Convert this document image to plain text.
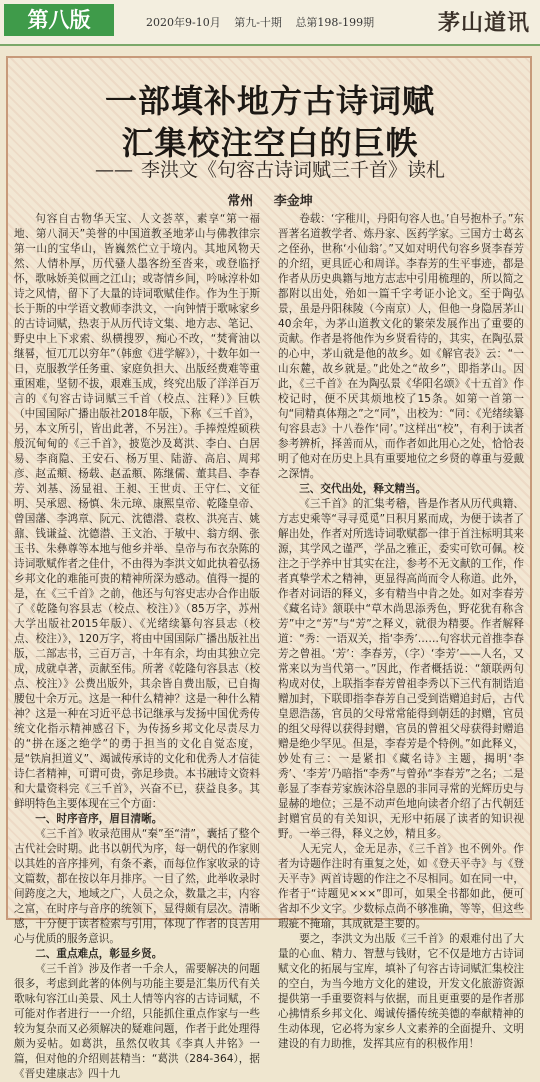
第八版	2020年9-10月 第九-十期 总第198-199期	茅山道讯
一部填补地方古诗词赋
汇集校注空白的巨帙
—— 李洪文《句容古诗词赋三千首》读札
常州 李金坤

句容自古物华天宝、人文荟萃，素享“第一福地、第八洞天”美誉的中国道教圣地茅山与佛教律宗第一山的宝华山，皆巍然伫立于境内。其地风物天然、人情朴厚，历代骚人墨客纷至沓来，或登临抒怀，歌咏娇美似画之江山；或寄情乡间，吟咏淳朴如诗之风情，留下了大量的诗词歌赋佳作。作为生于斯长于斯的中学语文教师李洪文，一向钟情于歌咏家乡的古诗词赋，热衷于从历代诗文集、地方志、笔记、野史中上下求索、纵横搜罗，痴心不改，“焚膏油以继晷，恒兀兀以穷年”（韩愈《进学解》），十数年如一日，克服教学任务重、家庭负担大、出版经费难等重重困难，坚韧不拔，艰难玉成，终究出版了洋洋百万言的《句容古诗词赋三千首（校点、注释）》巨帙（中国国际广播出版社2018年版，下称《三千首》，另，本文所引，皆出此著，不另注）。手捧煌煌硕秩般沉甸甸的《三千首》，披览沙及葛洪、李白、白居易、李商隐、王安石、杨万里、陆游、高启、周邦彦、赵孟頫、杨载、赵孟頫、陈继儒、董其昌、李春芳、刘基、汤显祖、王昶、王世贞、王守仁、文征明、吴承恩、杨慎、朱元璋、康熙皇帝、乾隆皇帝、曾国藩、李鸿章、阮元、沈德潜、袁枚、洪亮吉、姚鼐、钱谦益、沈德潜、王文治、于敏中、翁方纲、张玉书、朱彝尊等本地与他乡并举、皇帝与布衣杂陈的诗词歌赋作者之佳什，不由得为李洪文如此执着弘扬乡邦文化的难能可贵的精神所深为感动。值得一提的是，在《三千首》之前，他还与句容史志办合作出版了《乾隆句容县志（校点、校注）》（85万字，苏州大学出版社2015年版）、《光绪续纂句容县志（校点、校注）》，120万字，将由中国国际广播出版社出版，二部志书，三百万言，十年有余，均由其独立完成，成就卓著，贡献至伟。所著《乾隆句容县志（校点、校注）》公费出版外，其余皆自费出版，已自掏腰包十余万元。这是一种什么精神？这是一种什么精神？这是一种在习近平总书记继承与发扬中国优秀传统文化指示精神感召下，为传扬乡邦文化尽责尽力的“拼在逐之绝学”的勇于担当的文化自觉态度，是“铁肩担道义”、竭诚传承诗的文化和优秀人才信徒诗仁者精神，可谓可贵，弥足珍贵。本书融诗文资料和大量资料完《三千首》，兴奋不已，获益良多。其鲜明特色主要体现在三个方面：

一、时序音序，眉目清晰。

《三千首》收录范围从“秦”至“清”，囊括了整个古代社会时期。此书以朝代为序，每一朝代的作家则以其姓的音序排列，有条不紊，而每位作家收录的诗文篇数，都在按以年月排序。一目了然，此举收录时间跨度之大，地域之广，人员之众，数量之丰，内容之富，在时序与音序的统领下，显得颇有层次。清晰感，十分便于读者检索与引用，体现了作者的良苦用心与优质的服务意识。

二、重点难点，彰显乡贤。

《三千首》涉及作者一千余人，需要解决的问题很多，考虑到此著的体例与功能主要是汇集历代有关歌咏句容江山美景、风土人情等内容的古诗词赋，不可能对作者进行一一介绍，只能抓住重点作家与一些较为复杂而又必须解决的疑难问题，作者于此处理得颇为妥帖。如葛洪，虽然仅收其《李真人井铭》一篇，但对他的介绍则甚精当：“葛洪（284-364），据《晋史建康志》四十九

卷载：‘字稚川，丹阳句容人也。’自号抱朴子。”东晋著名道教学者、炼丹家、医药学家。三国方士葛玄之侄孙，世称‘小仙翁’。”又如对明代句容乡贤李春芳的介绍，更具匠心和周详。李春芳的生平事迹，都是作者从历史典籍与地方志志中引用梳理的，所以简之都附以出处，殆如一篇千字考证小论文。至于陶弘景，虽是丹阳秣陵（今南京）人，但他一身隐居茅山40余年，为茅山道教文化的繁荣发展作出了重要的贡献。作者是将他作为乡贤看待的，其实，在陶弘景的心中，茅山就是他的故乡。如《解官表》云：“一山东麓，故乡就是。”此处之“故乡”，即指茅山。因此，《三千首》在为陶弘景《华阳名颂》《十五首》作校记时，便不厌其烦地校了15条。如第一首第一句“同精真体翔之”之“同”，出校为：“同：《光绪续纂句容县志》十八卷作‘同’。”这样出“校”，有利于读者参考辨析，择善而从，而作者如此用心之处，恰恰表明了他对在历史上具有重要地位之乡贤的尊重与爱戴之深情。

三、交代出处，释文精当。

《三千首》的汇集考稽，皆是作者从历代典籍、方志史乘等“寻寻觅觅”日积月累而成，为便于读者了解出处，作者对所选诗词歌赋都一律于首注标明其来源，其学风之谨严，学品之雅正，委实可钦可佩。校注之于学养中甘其实在注，参考不无文献的工作，作者真挚学术之精神，更显得高尚而令人称道。此外，作者对词语的释义，多有精当中肯之处。如对李春芳《藏名诗》颔联中“草木尚思添秀色，野花犹有称含芳”中之“芳”与“芳”之释义，就很为精要。作者解释道：“秀：一语双关，指‘李秀’……句容状元首推李春芳之曾祖。‘芳’：李春芳，（字）‘李芳’——人名，又常来以为当代第一。”因此，作者概括说：“颔联两句构成对仗，上联指李春芳曾祖李秀以下三代有制诰追赠加封，下联即指李春芳自己受到诰赠追封后，古代皇恩浩荡，官员的父母常常能得到朝廷的封赠，官员的组父母得以获得封赠，官员的曾祖父母获得封赠追赠是绝少罕见。但是，李春芳是个特例。”如此释义，妙处有三：一是紧扣《藏名诗》主题，揭明‘李秀’、‘李芳’乃暗指“李秀”与曾孙“李春芳”之名；二是彰显了李春芳家族沐浴皇恩的非同寻常的光辉历史与显赫的地位；三是不动声色地向读者介绍了古代朝廷封赠官员的有关知识，无形中拓展了读者的知识视野。一举三得，释义之妙，精且多。

人无完人，金无足赤，《三千首》也不例外。作者为诗题作注时有重复之处，如《登天平寺》与《登天平寺》两首诗题的作注之不尽相同。如在同一中，作者于“诗题见×××”即可，如果全书都如此，便可省却不少文字。少数标点尚不够准确，等等，但这些瑕疵不掩瑜，其成就是主要的。

要之，李洪文为出版《三千首》的艰难付出了大量的心血、精力、智慧与钱财，它不仅是地方古诗词赋文化的拓展与宝库，填补了句容古诗词赋汇集校注的空白，为当今地方文化的建设，开发文化旅游资源提供第一手重要资料与依据，而且更重要的是作者那心拂情系乡邦文化、竭诚传播传统美德的奉献精神的生动体现，它必将为家乡人文素养的全面提升、文明建设的有力助推，发挥其应有的积极作用！
